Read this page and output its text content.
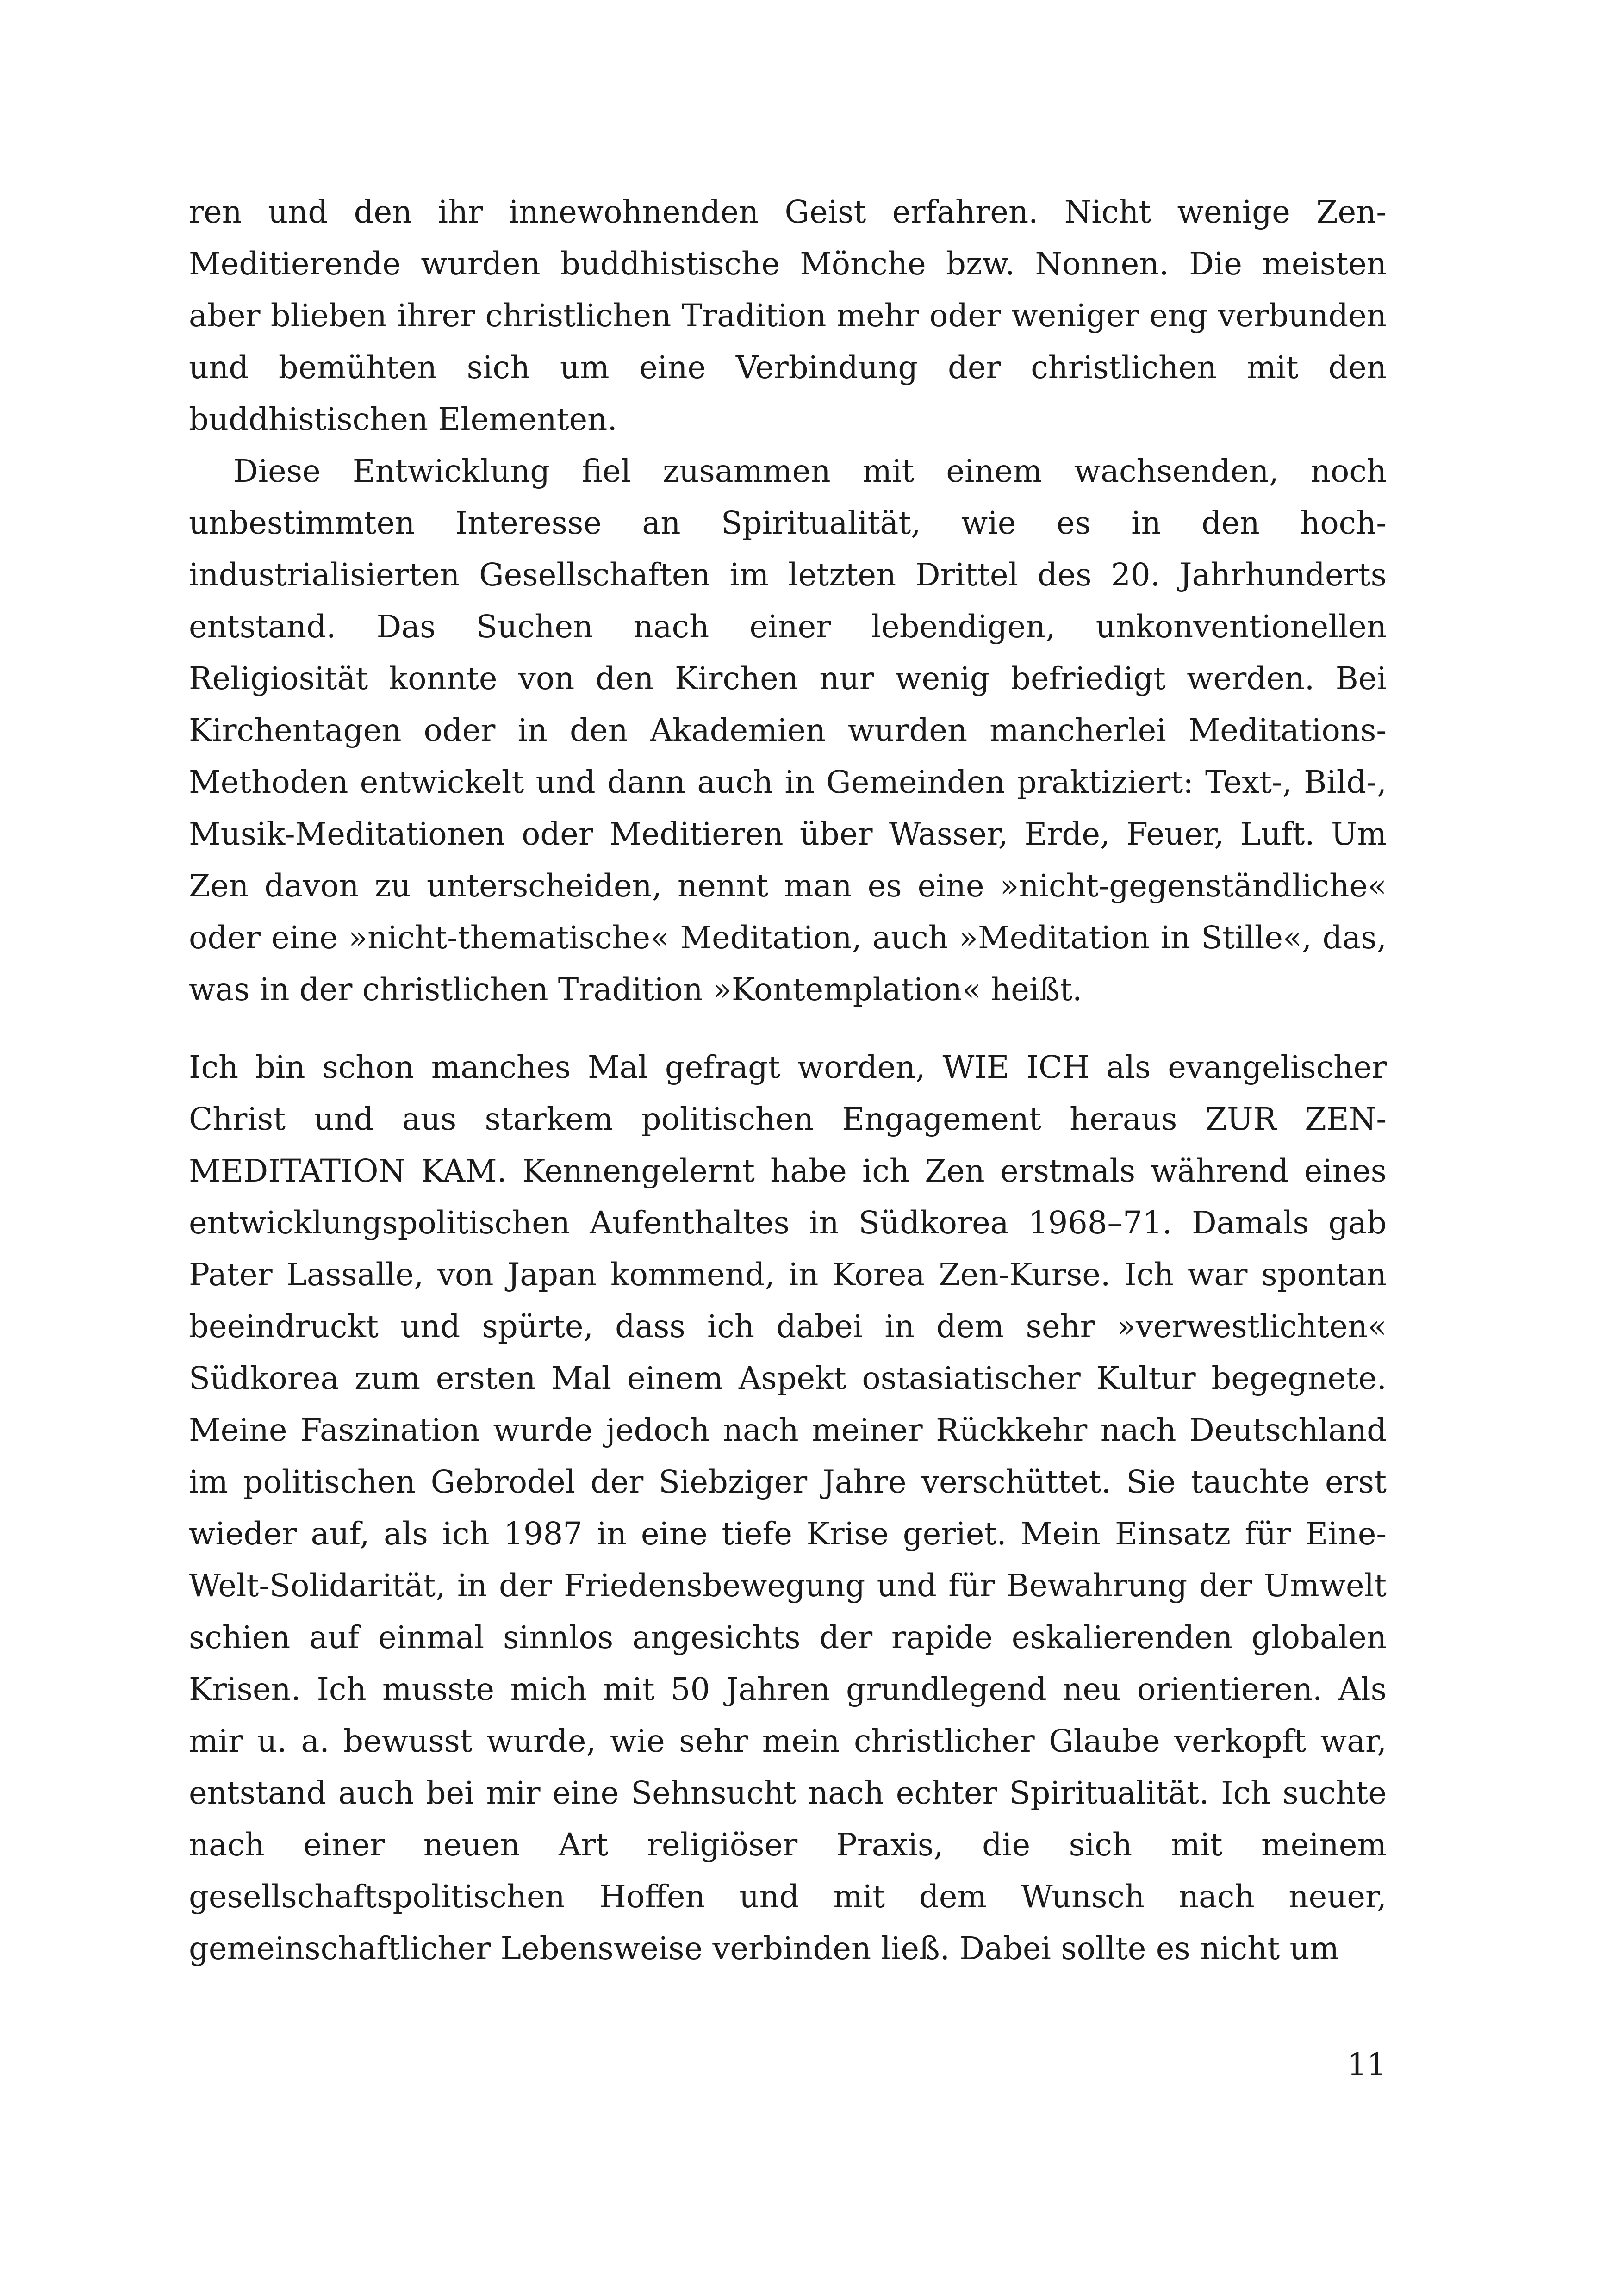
ren und den ihr innewohnenden Geist erfahren. Nicht wenige Zen-Meditierende wurden buddhistische Mönche bzw. Nonnen. Die meisten aber blieben ihrer christlichen Tradition mehr oder weniger eng verbunden und bemühten sich um eine Verbindung der christlichen mit den buddhistischen Elementen.

Diese Entwicklung fiel zusammen mit einem wachsenden, noch unbestimmten Interesse an Spiritualität, wie es in den hoch-industrialisierten Gesellschaften im letzten Drittel des 20. Jahrhunderts entstand. Das Suchen nach einer lebendigen, unkonventionellen Religiosität konnte von den Kirchen nur wenig befriedigt werden. Bei Kirchentagen oder in den Akademien wurden mancherlei Meditations-Methoden entwickelt und dann auch in Gemeinden praktiziert: Text-, Bild-, Musik-Meditationen oder Meditieren über Wasser, Erde, Feuer, Luft. Um Zen davon zu unterscheiden, nennt man es eine »nicht-gegenständliche« oder eine »nicht-thematische« Meditation, auch »Meditation in Stille«, das, was in der christlichen Tradition »Kontemplation« heißt.

Ich bin schon manches Mal gefragt worden, WIE ICH als evangelischer Christ und aus starkem politischen Engagement heraus ZUR ZEN-MEDITATION KAM. Kennengelernt habe ich Zen erstmals während eines entwicklungspolitischen Aufenthaltes in Südkorea 1968–71. Damals gab Pater Lassalle, von Japan kommend, in Korea Zen-Kurse. Ich war spontan beeindruckt und spürte, dass ich dabei in dem sehr »verwestlichten« Südkorea zum ersten Mal einem Aspekt ostasiatischer Kultur begegnete. Meine Faszination wurde jedoch nach meiner Rückkehr nach Deutschland im politischen Gebrodel der Siebziger Jahre verschüttet. Sie tauchte erst wieder auf, als ich 1987 in eine tiefe Krise geriet. Mein Einsatz für Eine-Welt-Solidarität, in der Friedensbewegung und für Bewahrung der Umwelt schien auf einmal sinnlos angesichts der rapide eskalierenden globalen Krisen. Ich musste mich mit 50 Jahren grundlegend neu orientieren. Als mir u. a. bewusst wurde, wie sehr mein christlicher Glaube verkopft war, entstand auch bei mir eine Sehnsucht nach echter Spiritualität. Ich suchte nach einer neuen Art religiöser Praxis, die sich mit meinem gesellschaftspolitischen Hoffen und mit dem Wunsch nach neuer, gemeinschaftlicher Lebensweise verbinden ließ. Dabei sollte es nicht um

11
